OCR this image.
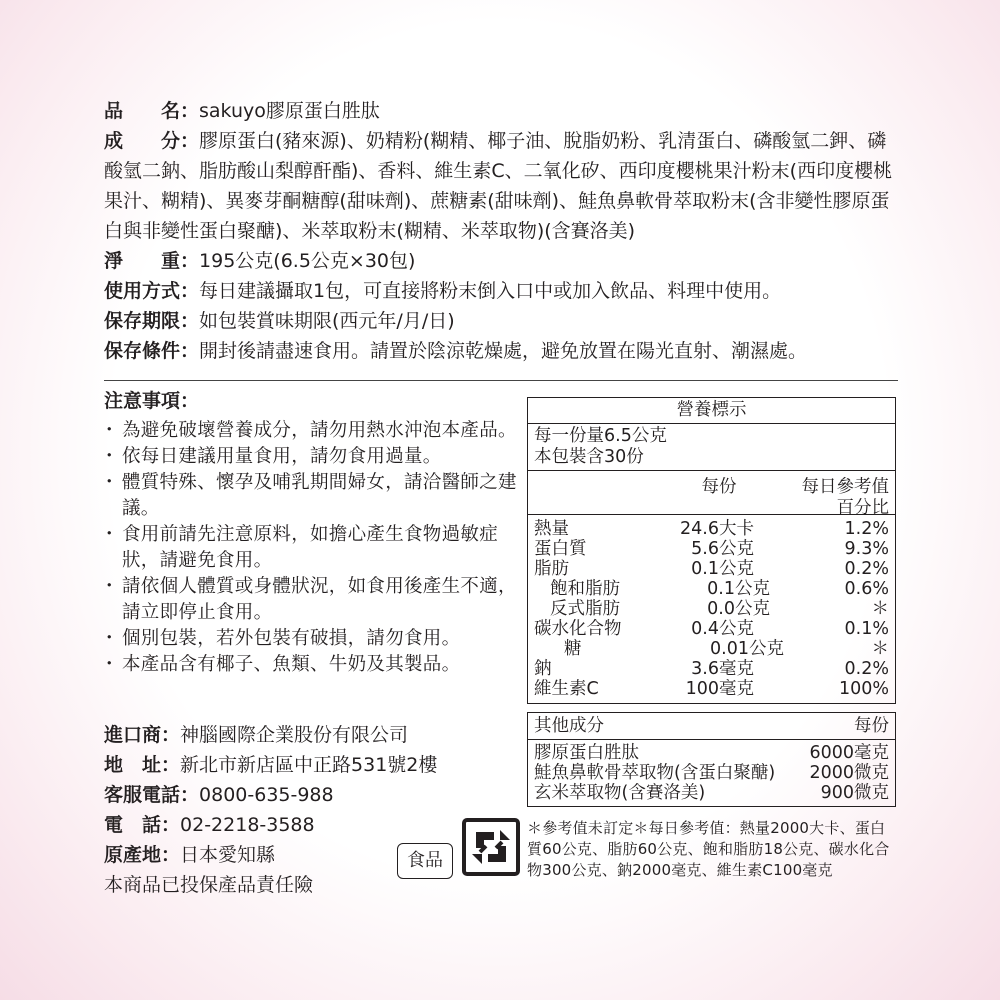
品　　名：sakuyo膠原蛋白胜肽

成　　分：膠原蛋白(豬來源)、奶精粉(糊精、椰子油、脫脂奶粉、乳清蛋白、磷酸氫二鉀、磷酸氫二鈉、脂肪酸山梨醇酐酯)、香料、維生素C、二氧化矽、西印度櫻桃果汁粉末(西印度櫻桃果汁、糊精)、異麥芽酮糖醇(甜味劑)、蔗糖素(甜味劑)、鮭魚鼻軟骨萃取粉末(含非變性膠原蛋白與非變性蛋白聚醣)、米萃取粉末(糊精、米萃取物)(含賽洛美)

淨　　重：195公克(6.5公克×30包)

使用方式：每日建議攝取1包，可直接將粉末倒入口中或加入飲品、料理中使用。

保存期限：如包裝賞味期限(西元年/月/日)

保存條件：開封後請盡速食用。請置於陰涼乾燥處，避免放置在陽光直射、潮濕處。

注意事項：

・ 為避免破壞營養成分，請勿用熱水沖泡本產品。
・ 依每日建議用量食用，請勿食用過量。
・ 體質特殊、懷孕及哺乳期間婦女，請洽醫師之建議。
・ 食用前請先注意原料，如擔心產生食物過敏症狀，請避免食用。
・ 請依個人體質或身體狀況，如食用後產生不適，請立即停止食用。
・ 個別包裝，若外包裝有破損，請勿食用。
・ 本產品含有椰子、魚類、牛奶及其製品。
營養標示
每一份量6.5公克
本包裝含30份
每份	每日參考值
百分比
熱量	24.6大卡	1.2%
蛋白質	5.6公克	9.3%
脂肪	0.1公克	0.2%
飽和脂肪	0.1公克	0.6%
反式脂肪	0.0公克	＊
碳水化合物	0.4公克	0.1%
糖	0.01公克	＊
鈉	3.6毫克	0.2%
維生素C	100毫克	100%
其他成分	每份
膠原蛋白胜肽	6000毫克
鮭魚鼻軟骨萃取物(含蛋白聚醣) 2000微克
玄米萃取物(含賽洛美)	900微克

進口商：神腦國際企業股份有限公司

地　址：新北市新店區中正路531號2樓

客服電話：0800-635-988

電　話：02-2218-3588

原產地：日本愛知縣

本商品已投保產品責任險

食品
＊參考值未訂定＊每日參考值：熱量2000大卡、蛋白質60公克、脂肪60公克、飽和脂肪18公克、碳水化合物300公克、鈉2000毫克、維生素C100毫克
